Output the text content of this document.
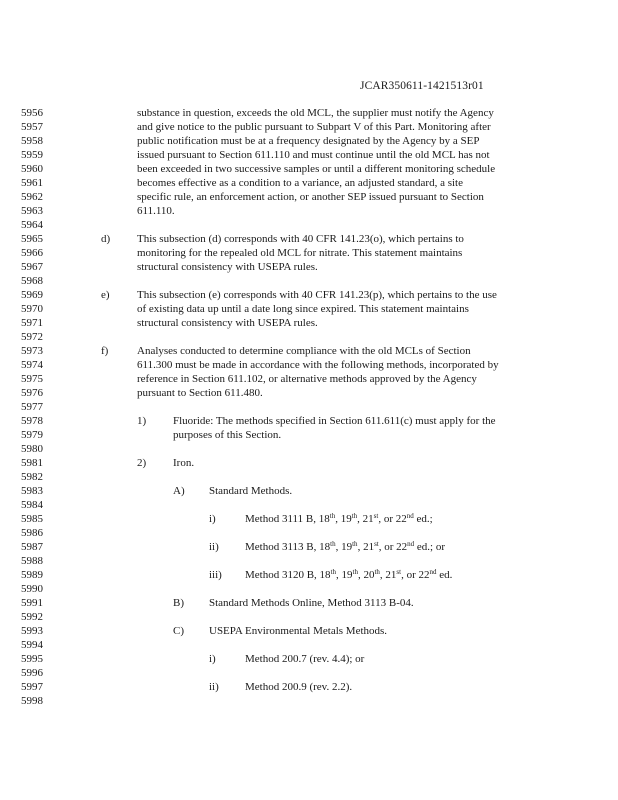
JCAR350611-1421513r01
5956
5957
5958
5959
5960
5961
5962
5963
5964
5965
5966
5967
5968
5969
5970
5971
5972
5973
5974
5975
5976
5977
5978
5979
5980
5981
5982
5983
5984
5985
5986
5987
5988
5989
5990
5991
5992
5993
5994
5995
5996
5997
5998
substance in question, exceeds the old MCL, the supplier must notify the Agency
and give notice to the public pursuant to Subpart V of this Part. Monitoring after
public notification must be at a frequency designated by the Agency by a SEP
issued pursuant to Section 611.110 and must continue until the old MCL has not
been exceeded in two successive samples or until a different monitoring schedule
becomes effective as a condition to a variance, an adjusted standard, a site
specific rule, an enforcement action, or another SEP issued pursuant to Section
611.110.
d) This subsection (d) corresponds with 40 CFR 141.23(o), which pertains to
monitoring for the repealed old MCL for nitrate. This statement maintains
structural consistency with USEPA rules.
e) This subsection (e) corresponds with 40 CFR 141.23(p), which pertains to the use
of existing data up until a date long since expired. This statement maintains
structural consistency with USEPA rules.
f)	Analyses conducted to determine compliance with the old MCLs of Section
611.300 must be made in accordance with the following methods, incorporated by
reference in Section 611.102, or alternative methods approved by the Agency
pursuant to Section 611.480.
1) Fluoride: The methods specified in Section 611.611(c) must apply for the
purposes of this Section.
2) Iron.
A) Standard Methods.
i)	Method 3111 B, 18th, 19th, 21st, or 22nd ed.;
ii) Method 3113 B, 18th, 19th, 21st, or 22nd ed.; or
iii) Method 3120 B, 18th, 19th, 20th, 21st, or 22nd ed.
B) Standard Methods Online, Method 3113 B-04.
C) USEPA Environmental Metals Methods.
i)	Method 200.7 (rev. 4.4); or
ii) Method 200.9 (rev. 2.2).
